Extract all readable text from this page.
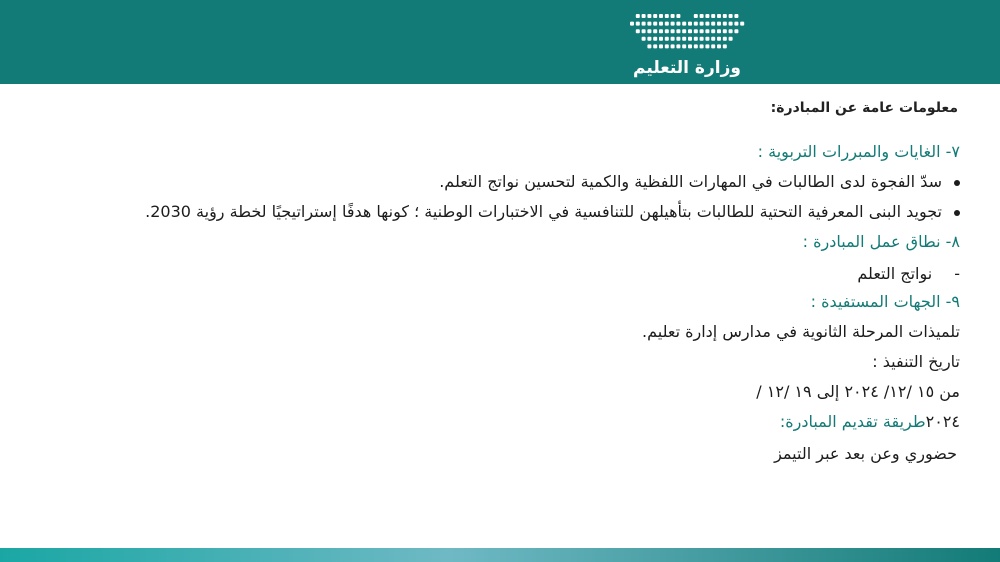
وزارة التعليم
معلومات عامة عن المبادرة:
٧- الغايات والمبررات التربوية :
سدّ الفجوة لدى الطالبات في المهارات اللفظية والكمية لتحسين نواتج التعلم.
تجويد البنى المعرفية التحتية للطالبات بتأهيلهن للتنافسية في الاختبارات الوطنية ؛ كونها هدفًا إستراتيجيًا لخطة رؤية 2030.
٨- نطاق عمل المبادرة :
-نواتج التعلم
٩- الجهات المستفيدة :
تلميذات المرحلة الثانوية في مدارس إدارة تعليم.
تاريخ التنفيذ :
من ١٥ /١٢/ ٢٠٢٤ إلى ١٩ /١٢ /
٢٠٢٤طريقة تقديم المبادرة:
حضوري وعن بعد عبر التيمز
